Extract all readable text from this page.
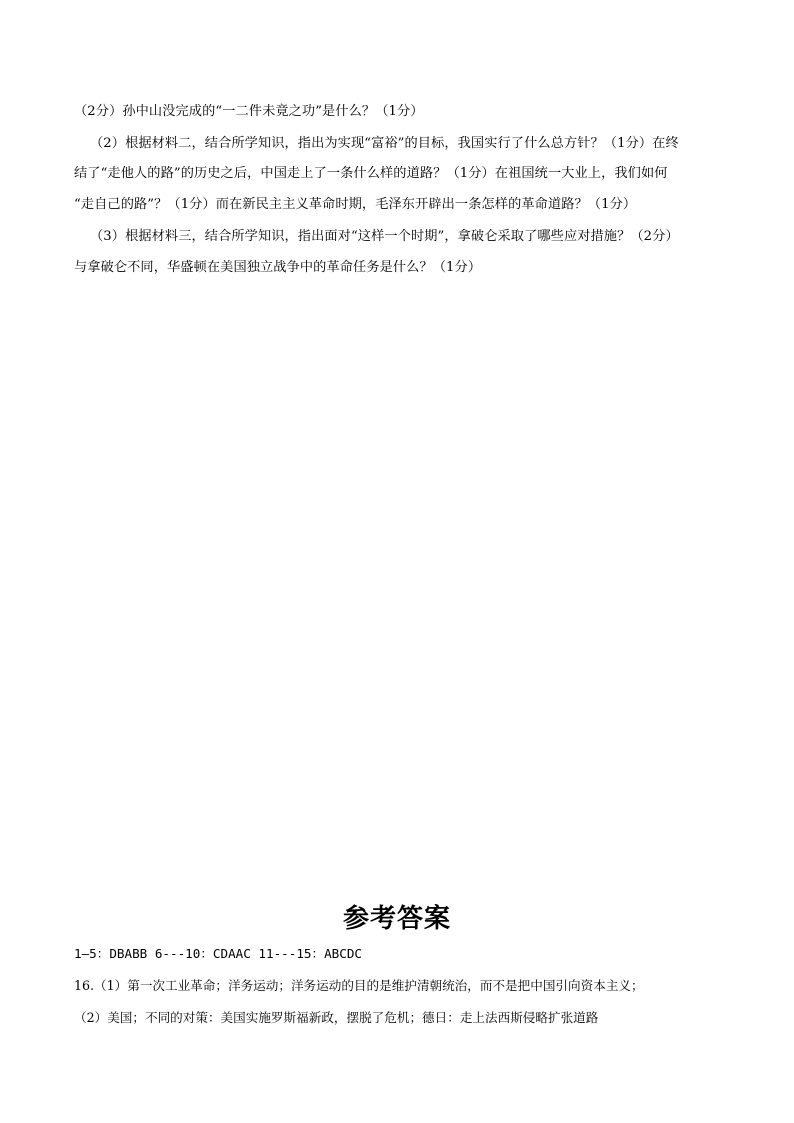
（2分）孙中山没完成的“一二件未竟之功”是什么？（1分）
（2）根据材料二，结合所学知识，指出为实现“富裕”的目标，我国实行了什么总方针？（1分）在终
结了“走他人的路”的历史之后，中国走上了一条什么样的道路？（1分）在祖国统一大业上，我们如何
“走自己的路”？（1分）而在新民主主义革命时期，毛泽东开辟出一条怎样的革命道路？（1分）
（3）根据材料三，结合所学知识，指出面对“这样一个时期”，拿破仑采取了哪些应对措施？（2分）
与拿破仑不同，华盛顿在美国独立战争中的革命任务是什么？（1分）
参考答案
1—5：DBABB 6---10：CDAAC 11---15：ABCDC
16.（1）第一次工业革命；洋务运动；洋务运动的目的是维护清朝统治，而不是把中国引向资本主义；
（2）美国；不同的对策：美国实施罗斯福新政，摆脱了危机；德日：走上法西斯侵略扩张道路
